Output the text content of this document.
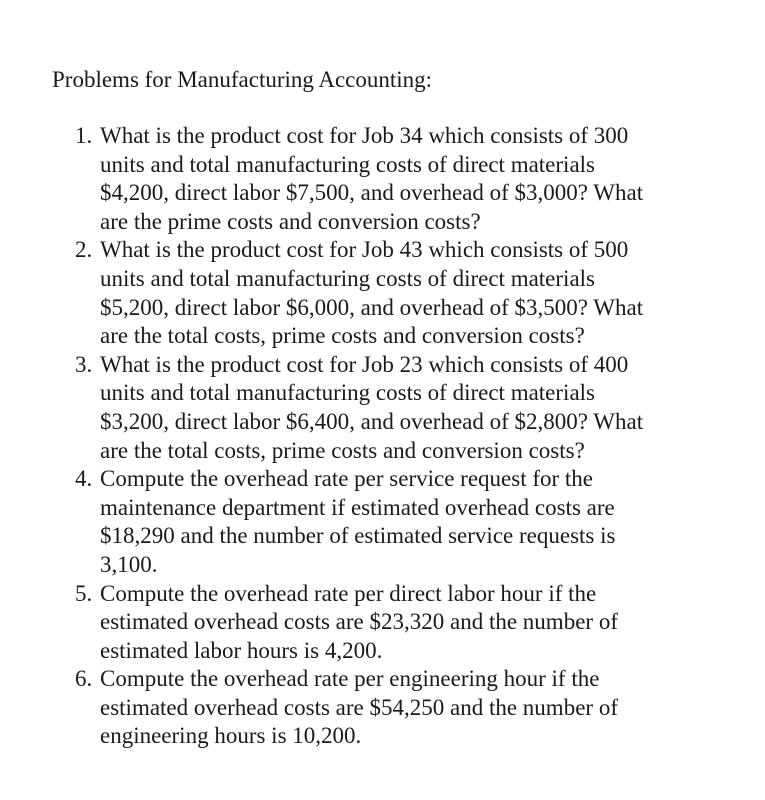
Problems for Manufacturing Accounting:
1. What is the product cost for Job 34 which consists of 300
units and total manufacturing costs of direct materials
$4,200, direct labor $7,500, and overhead of $3,000? What
are the prime costs and conversion costs?
2. What is the product cost for Job 43 which consists of 500
units and total manufacturing costs of direct materials
$5,200, direct labor $6,000, and overhead of $3,500? What
are the total costs, prime costs and conversion costs?
3. What is the product cost for Job 23 which consists of 400
units and total manufacturing costs of direct materials
$3,200, direct labor $6,400, and overhead of $2,800? What
are the total costs, prime costs and conversion costs?
4. Compute the overhead rate per service request for the
maintenance department if estimated overhead costs are
$18,290 and the number of estimated service requests is
3,100.
5. Compute the overhead rate per direct labor hour if the
estimated overhead costs are $23,320 and the number of
estimated labor hours is 4,200.
6. Compute the overhead rate per engineering hour if the
estimated overhead costs are $54,250 and the number of
engineering hours is 10,200.
